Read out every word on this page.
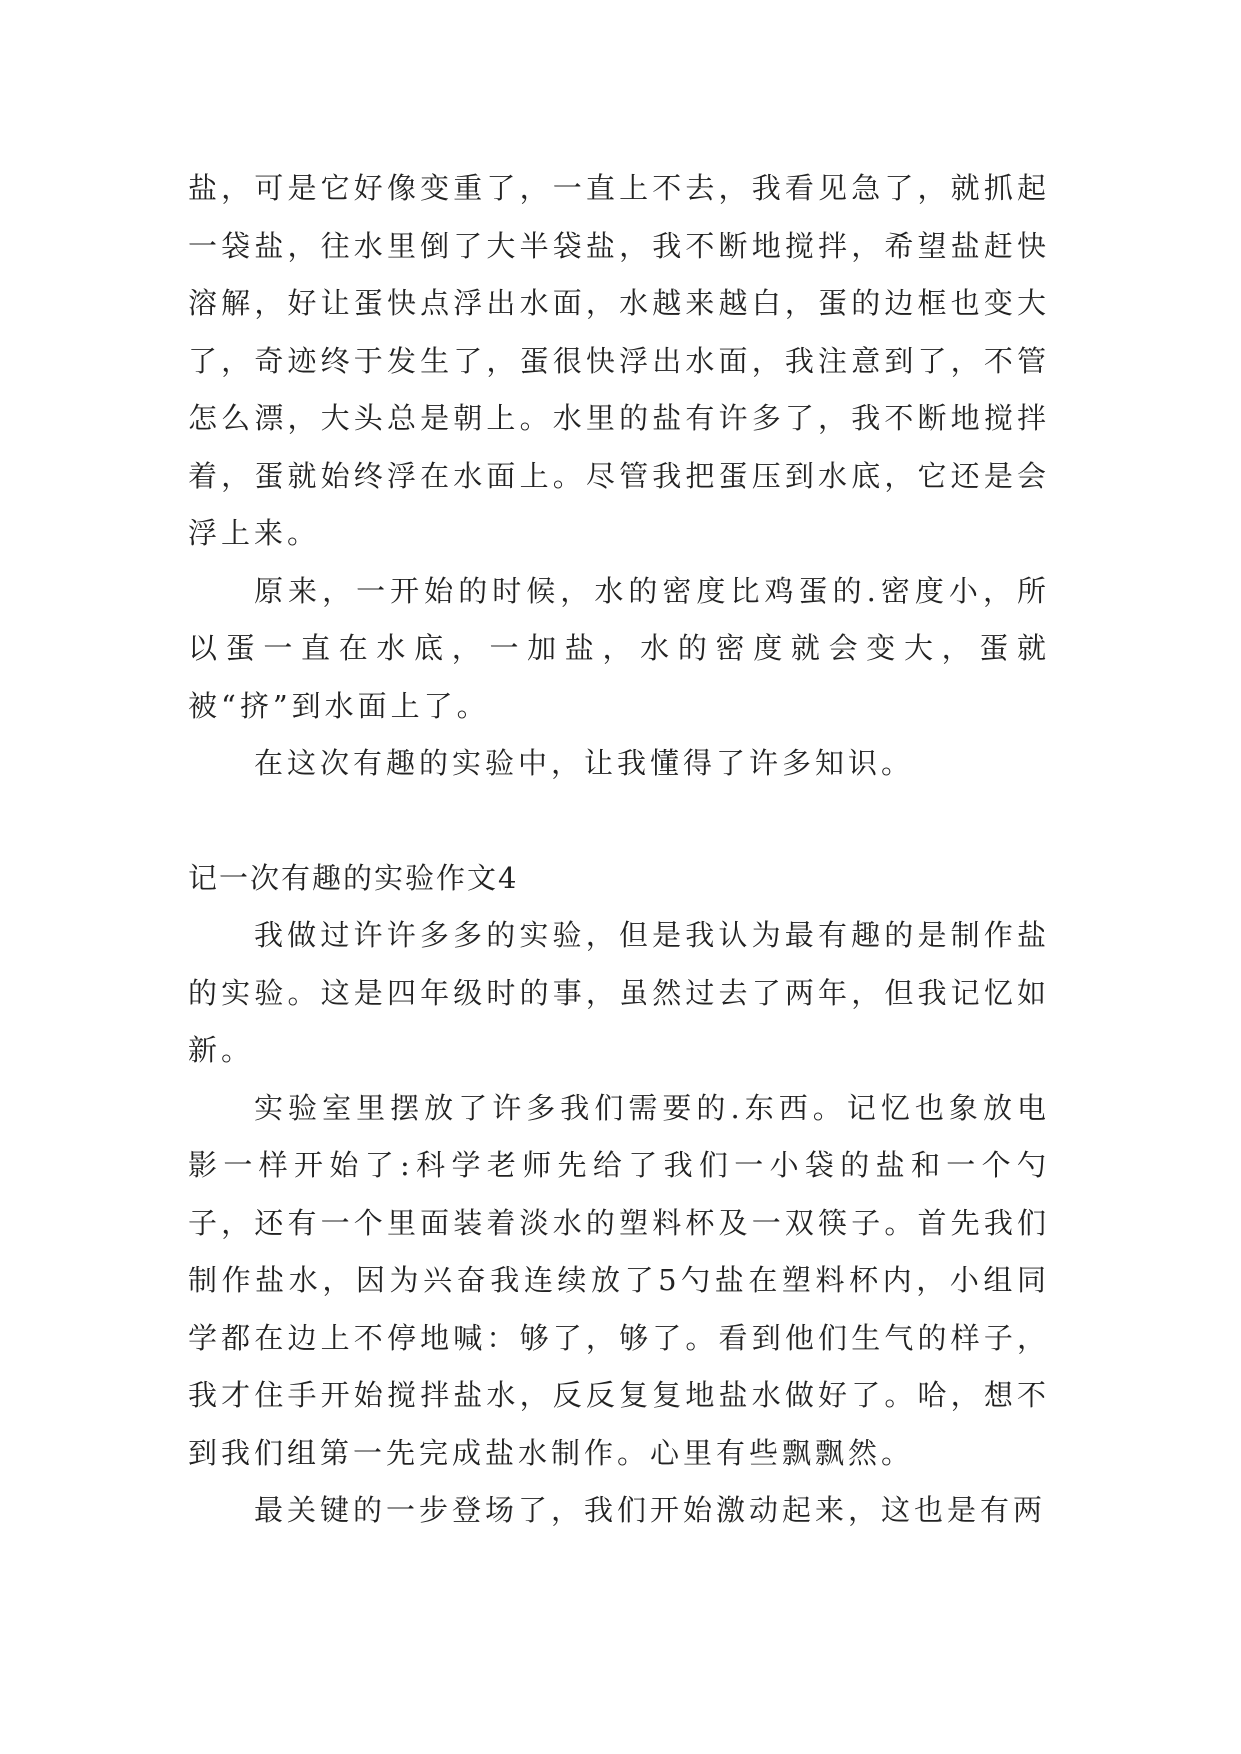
盐，可是它好像变重了，一直上不去，我看见急了，就抓起一袋盐，往水里倒了大半袋盐，我不断地搅拌，希望盐赶快溶解，好让蛋快点浮出水面，水越来越白，蛋的边框也变大了，奇迹终于发生了，蛋很快浮出水面，我注意到了，不管怎么漂，大头总是朝上。水里的盐有许多了，我不断地搅拌着，蛋就始终浮在水面上。尽管我把蛋压到水底，它还是会浮上来。

原来，一开始的时候，水的密度比鸡蛋的.密度小，所以蛋一直在水底，一加盐，水的密度就会变大，蛋就被“挤”到水面上了。

在这次有趣的实验中，让我懂得了许多知识。

记一次有趣的实验作文4

我做过许许多多的实验，但是我认为最有趣的是制作盐的实验。这是四年级时的事，虽然过去了两年，但我记忆如新。

实验室里摆放了许多我们需要的.东西。记忆也象放电影一样开始了:科学老师先给了我们一小袋的盐和一个勺子，还有一个里面装着淡水的塑料杯及一双筷子。首先我们制作盐水，因为兴奋我连续放了5勺盐在塑料杯内，小组同学都在边上不停地喊：够了，够了。看到他们生气的样子，我才住手开始搅拌盐水，反反复复地盐水做好了。哈，想不到我们组第一先完成盐水制作。心里有些飘飘然。

最关键的一步登场了，我们开始激动起来，这也是有两
